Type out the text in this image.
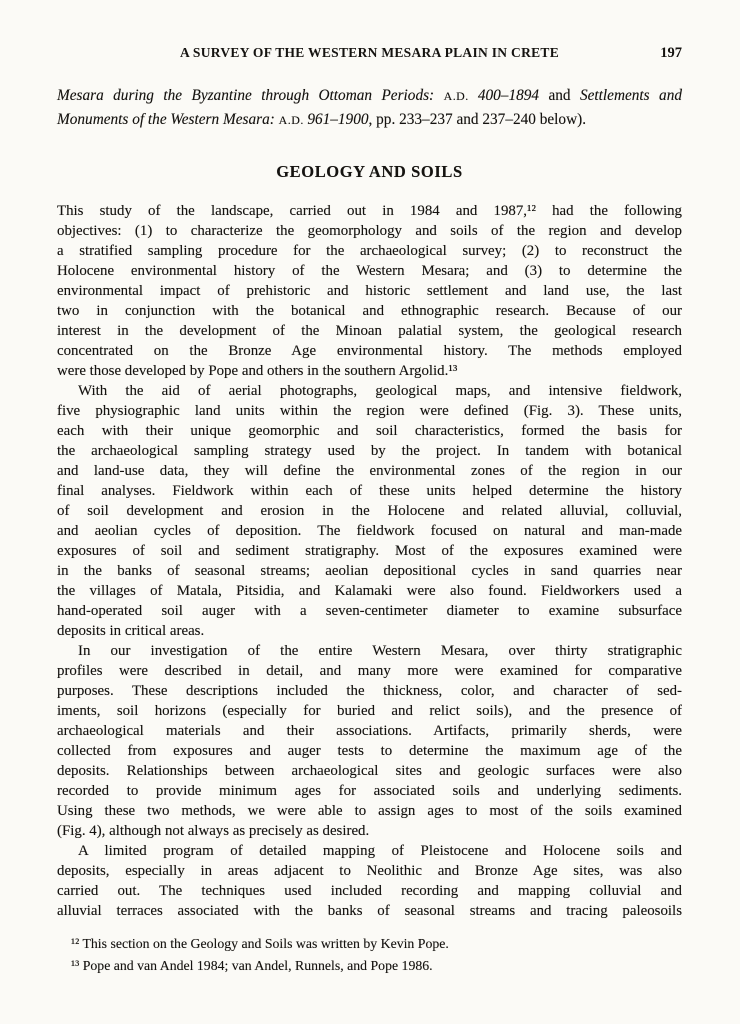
A SURVEY OF THE WESTERN MESARA PLAIN IN CRETE	197

Mesara during the Byzantine through Ottoman Periods: A.D. 400–1894 and Settlements and Monuments of the Western Mesara: A.D. 961–1900, pp. 233–237 and 237–240 below).

GEOLOGY AND SOILS
This study of the landscape, carried out in 1984 and 1987,¹² had the following
objectives: (1) to characterize the geomorphology and soils of the region and develop
a stratified sampling procedure for the archaeological survey; (2) to reconstruct the
Holocene environmental history of the Western Mesara; and (3) to determine the
environmental impact of prehistoric and historic settlement and land use, the last
two in conjunction with the botanical and ethnographic research. Because of our
interest in the development of the Minoan palatial system, the geological research
concentrated on the Bronze Age environmental history. The methods employed
were those developed by Pope and others in the southern Argolid.¹³
With the aid of aerial photographs, geological maps, and intensive fieldwork,
five physiographic land units within the region were defined (Fig. 3). These units,
each with their unique geomorphic and soil characteristics, formed the basis for
the archaeological sampling strategy used by the project. In tandem with botanical
and land-use data, they will define the environmental zones of the region in our
final analyses. Fieldwork within each of these units helped determine the history
of soil development and erosion in the Holocene and related alluvial, colluvial,
and aeolian cycles of deposition. The fieldwork focused on natural and man-made
exposures of soil and sediment stratigraphy. Most of the exposures examined were
in the banks of seasonal streams; aeolian depositional cycles in sand quarries near
the villages of Matala, Pitsidia, and Kalamaki were also found. Fieldworkers used a
hand-operated soil auger with a seven-centimeter diameter to examine subsurface
deposits in critical areas.
In our investigation of the entire Western Mesara, over thirty stratigraphic
profiles were described in detail, and many more were examined for comparative
purposes. These descriptions included the thickness, color, and character of sed-
iments, soil horizons (especially for buried and relict soils), and the presence of
archaeological materials and their associations. Artifacts, primarily sherds, were
collected from exposures and auger tests to determine the maximum age of the
deposits. Relationships between archaeological sites and geologic surfaces were also
recorded to provide minimum ages for associated soils and underlying sediments.
Using these two methods, we were able to assign ages to most of the soils examined
(Fig. 4), although not always as precisely as desired.
A limited program of detailed mapping of Pleistocene and Holocene soils and
deposits, especially in areas adjacent to Neolithic and Bronze Age sites, was also
carried out. The techniques used included recording and mapping colluvial and
alluvial terraces associated with the banks of seasonal streams and tracing paleosoils
¹² This section on the Geology and Soils was written by Kevin Pope.
¹³ Pope and van Andel 1984; van Andel, Runnels, and Pope 1986.
